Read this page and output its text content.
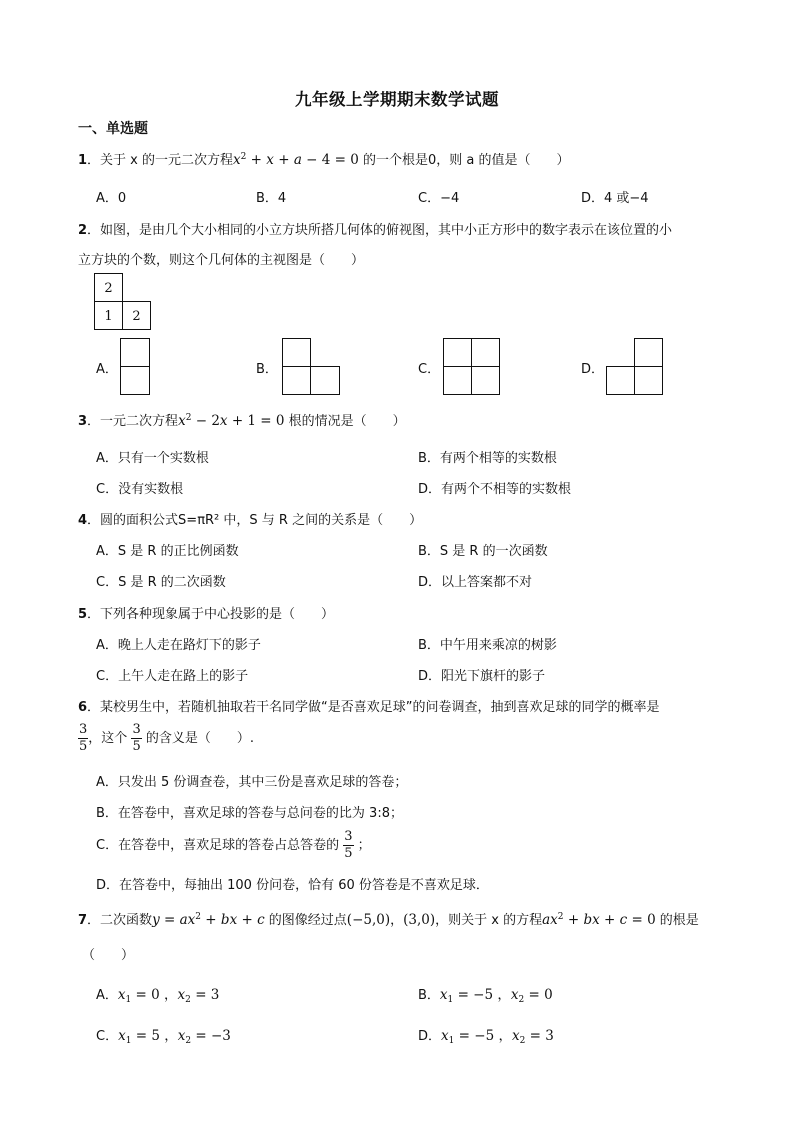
九年级上学期期末数学试题
一、单选题
1．关于 x 的一元二次方程$x^2 + x + a - 4 = 0$ 的一个根是0，则 a 的值是（　　）
A．0	B．4	C．−4	D．4 或−4
2．如图，是由几个大小相同的小立方块所搭几何体的俯视图，其中小正方形中的数字表示在该位置的小
立方块的个数，则这个几何体的主视图是（　　）
2
1	2
A．	B．	C．	D．
3．一元二次方程$x^2 - 2x + 1 = 0$ 根的情况是（　　）
A．只有一个实数根	B．有两个相等的实数根
C．没有实数根	D．有两个不相等的实数根
4．圆的面积公式S=πR² 中，S 与 R 之间的关系是（　　）
A．S 是 R 的正比例函数	B．S 是 R 的一次函数
C．S 是 R 的二次函数	D．以上答案都不对
5．下列各种现象属于中心投影的是（　　）
A．晚上人走在路灯下的影子	B．中午用来乘凉的树影
C．上午人走在路上的影子	D．阳光下旗杆的影子
6．某校男生中，若随机抽取若干名同学做“是否喜欢足球”的问卷调查，抽到喜欢足球的同学的概率是
$\frac{3}{5}$ ，这个 $\frac{3}{5}$ 的含义是（　　）.
A．只发出 5 份调查卷，其中三份是喜欢足球的答卷；
B．在答卷中，喜欢足球的答卷与总问卷的比为 3:8；
C．在答卷中，喜欢足球的答卷占总答卷的 $\frac{3}{5}$ ；
D．在答卷中，每抽出 100 份问卷，恰有 60 份答卷是不喜欢足球．
7．二次函数$y = ax^2$ + bx + c 的图像经过点(−5,0)，(3,0)，则关于 x 的方程$ax^2$ + bx + c = 0 的根是
（　　）
A．$x_1 = 0$ ，$x_2 = 3$	B．$x_1 = -5$ ，$x_2 = 0$
C．$x_1 = 5$ ，$x_2 = -3$	D．$x_1 = -5$ ，$x_2 = 3$
